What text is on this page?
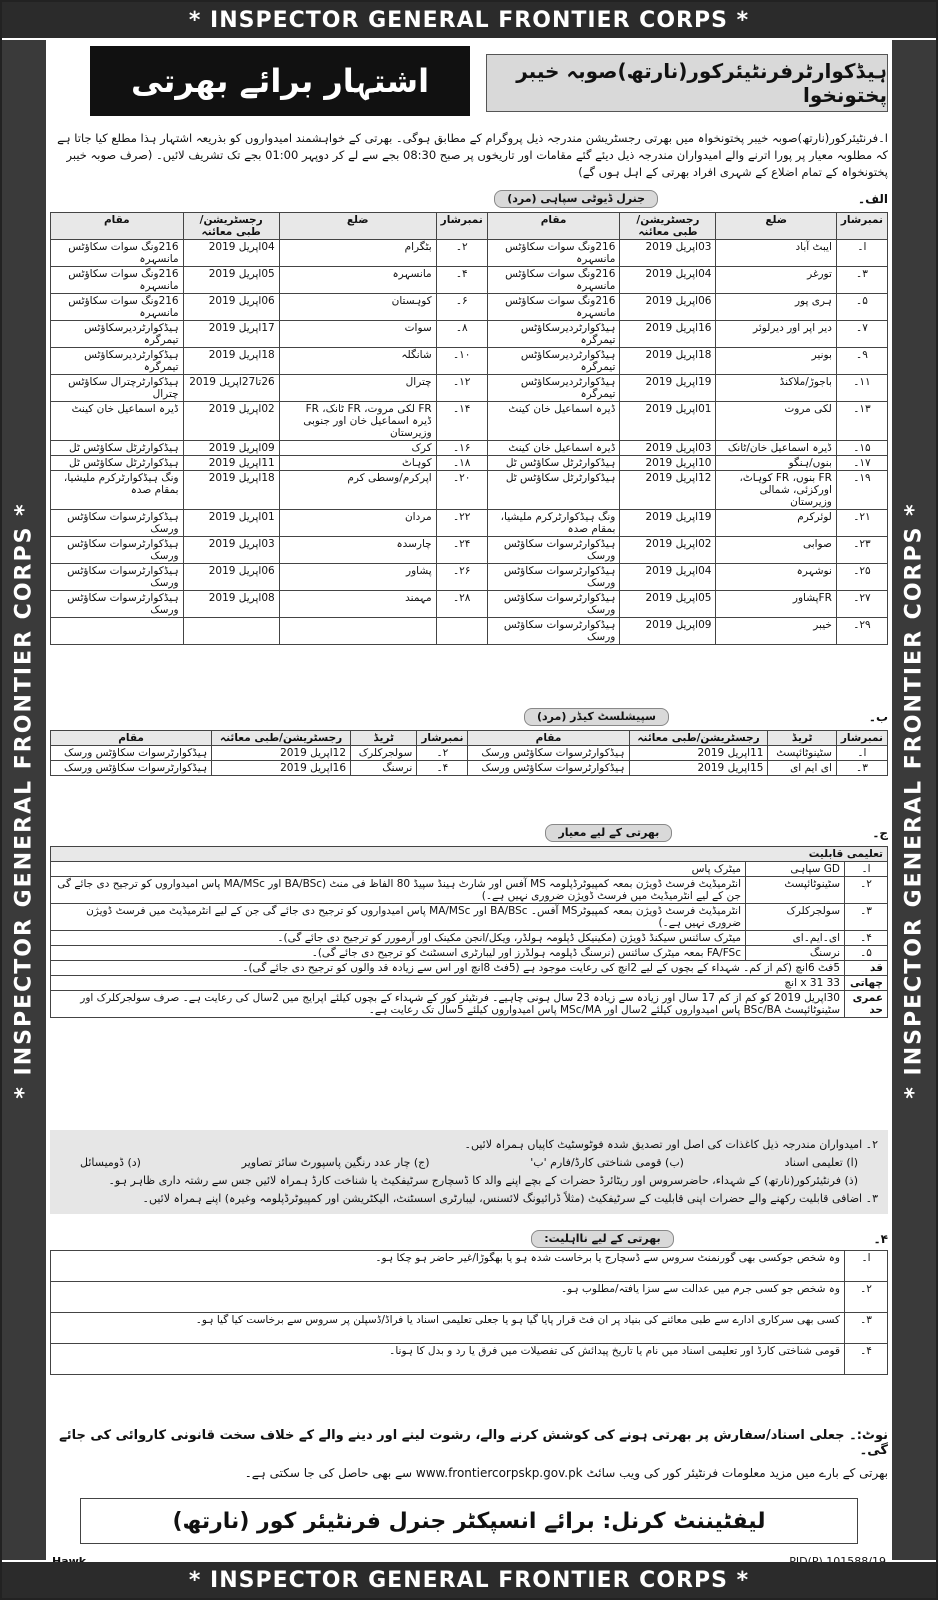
* INSPECTOR GENERAL FRONTIER CORPS *
* INSPECTOR GENERAL FRONTIER CORPS *	* INSPECTOR GENERAL FRONTIER CORPS *
ہیڈکوارٹرفرنٹیئرکور(نارتھ)صوبہ خیبر پختونخوا
اشتہار برائے بھرتی
ا۔فرنٹیئرکور(نارتھ)صوبہ خیبر پختونخواہ میں بھرتی رجسٹریشن مندرجہ ذیل پروگرام کے مطابق ہوگی۔ بھرتی کے خواہشمند امیدواروں کو بذریعہ اشتہار ہذا مطلع کیا جاتا ہے کہ مطلوبہ معیار پر پورا اترنے والے امیدواران مندرجہ ذیل دیئے گئے مقامات اور تاریخوں پر صبح 08:30 بجے سے لے کر دوپہر 01:00 بجے تک تشریف لائیں۔ (صرف صوبہ خیبر پختونخواہ کے تمام اضلاع کے شہری افراد بھرتی کے اہل ہوں گے)
الف۔
جنرل ڈیوٹی سپاہی (مرد)
نمبرشار	ضلع	رجسٹریشن/طبی معائنہ	مقام	نمبرشار	ضلع	رجسٹریشن/طبی معائنہ	مقام
ا۔	ایبٹ آباد	03اپریل 2019	216ونگ سوات سکاؤٹس مانسہرہ	۲۔	بٹگرام	04اپریل 2019	216ونگ سوات سکاؤٹس مانسہرہ
۳۔	تورغر	04اپریل 2019	216ونگ سوات سکاؤٹس مانسہرہ	۴۔	مانسہرہ	05اپریل 2019	216ونگ سوات سکاؤٹس مانسہرہ
۵۔	ہری پور	06اپریل 2019	216ونگ سوات سکاؤٹس مانسہرہ	۶۔	کوہستان	06اپریل 2019	216ونگ سوات سکاؤٹس مانسہرہ
۷۔	دیر اپر اور دیرلوئر	16اپریل 2019	ہیڈکوارٹردیرسکاؤٹس تیمرگرہ	۸۔	سوات	17اپریل 2019	ہیڈکوارٹردیرسکاؤٹس تیمرگرہ
۹۔	بونیر	18اپریل 2019	ہیڈکوارٹردیرسکاؤٹس تیمرگرہ	۱۰۔	شانگلہ	18اپریل 2019	ہیڈکوارٹردیرسکاؤٹس تیمرگرہ
۱۱۔	باجوڑ/ملاکنڈ	19اپریل 2019	ہیڈکوارٹردیرسکاؤٹس تیمرگرہ	۱۲۔	چترال	26تا27اپریل 2019	ہیڈکوارٹرچترال سکاؤٹس چترال
۱۳۔	لکی مروت	01اپریل 2019	ڈیرہ اسماعیل خان کینٹ	۱۴۔	FR لکی مروت، FR ٹانک، FR ڈیرہ اسماعیل خان اور جنوبی وزیرستان	02اپریل 2019	ڈیرہ اسماعیل خان کینٹ
۱۵۔	ڈیرہ اسماعیل خان/ٹانک	03اپریل 2019	ڈیرہ اسماعیل خان کینٹ	۱۶۔	کرک	09اپریل 2019	ہیڈکوارٹرٹل سکاؤٹس ٹل
۱۷۔	بنوں/ہنگو	10اپریل 2019	ہیڈکوارٹرٹل سکاؤٹس ٹل	۱۸۔	کوہاٹ	11اپریل 2019	ہیڈکوارٹرٹل سکاؤٹس ٹل
۱۹۔	FR بنوں، FR کوہاٹ، اورکزئی، شمالی وزیرستان	12اپریل 2019	ہیڈکوارٹرٹل سکاؤٹس ٹل	۲۰۔	اپرکرم/وسطی کرم	18اپریل 2019	ونگ ہیڈکوارٹرکرم ملیشیا، بمقام صدہ
۲۱۔	لوئرکرم	19اپریل 2019	ونگ ہیڈکوارٹرکرم ملیشیا، بمقام صدہ	۲۲۔	مردان	01اپریل 2019	ہیڈکوارٹرسوات سکاؤٹس ورسک
۲۳۔	صوابی	02اپریل 2019	ہیڈکوارٹرسوات سکاؤٹس ورسک	۲۴۔	چارسدہ	03اپریل 2019	ہیڈکوارٹرسوات سکاؤٹس ورسک
۲۵۔	نوشہرہ	04اپریل 2019	ہیڈکوارٹرسوات سکاؤٹس ورسک	۲۶۔	پشاور	06اپریل 2019	ہیڈکوارٹرسوات سکاؤٹس ورسک
۲۷۔	FRپشاور	05اپریل 2019	ہیڈکوارٹرسوات سکاؤٹس ورسک	۲۸۔	مہمند	08اپریل 2019	ہیڈکوارٹرسوات سکاؤٹس ورسک
۲۹۔	خیبر	09اپریل 2019	ہیڈکوارٹرسوات سکاؤٹس ورسک				
ب۔
سپیشلسٹ کیڈر (مرد)
نمبرشار	ٹریڈ	رجسٹریشن/طبی معائنہ	مقام	نمبرشار	ٹریڈ	رجسٹریشن/طبی معائنہ	مقام
ا۔	سٹینوٹائپسٹ	11اپریل 2019	ہیڈکوارٹرسوات سکاؤٹس ورسک	۲۔	سولجرکلرک	12اپریل 2019	ہیڈکوارٹرسوات سکاؤٹس ورسک
۳۔	ای ایم ای	15اپریل 2019	ہیڈکوارٹرسوات سکاؤٹس ورسک	۴۔	نرسنگ	16اپریل 2019	ہیڈکوارٹرسوات سکاؤٹس ورسک
ج۔
بھرتی کے لیے معیار
تعلیمی قابلیت		
ا۔	GD سپاہی	میٹرک پاس
۲۔	سٹینوٹائپسٹ	انٹرمیڈیٹ فرسٹ ڈویژن بمعہ کمپیوٹرڈپلومہ MS آفس اور شارٹ ہینڈ سپیڈ 80 الفاظ فی منٹ (BA/BSc اور MA/MSc پاس امیدواروں کو ترجیح دی جائے گی جن کے لیے انٹرمیڈیٹ میں فرسٹ ڈویژن ضروری نہیں ہے۔)
۳۔	سولجرکلرک	انٹرمیڈیٹ فرسٹ ڈویژن بمعہ کمپیوٹرMS آفس۔ BA/BSc اور MA/MSc پاس امیدواروں کو ترجیح دی جائے گی جن کے لیے انٹرمیڈیٹ میں فرسٹ ڈویژن ضروری نہیں ہے۔)
۴۔	ای۔ایم۔ای	میٹرک سائنس سیکنڈ ڈویژن (مکینیکل ڈپلومہ ہولڈر، ویکل/انجن مکینک اور آرمورر کو ترجیح دی جائے گی)۔
۵۔	نرسنگ	FA/FSc بمعہ میٹرک سائنس (نرسنگ ڈپلومہ ہولڈرز اور لیبارٹری اسسٹنٹ کو ترجیح دی جائے گی)۔
قد	5فٹ 6انچ (کم از کم۔ شہداء کے بچوں کے لیے 2انچ کی رعایت موجود ہے (5فٹ 8انچ اور اس سے زیادہ قد والوں کو ترجیح دی جائے گی)۔	
چھاتی	33 x 31 انچ	
عمری حد	30اپریل 2019 کو کم از کم 17 سال اور زیادہ سے زیادہ 23 سال ہونی چاہیے۔ فرنٹیئر کور کے شہداء کے بچوں کیلئے اپرایج میں 2سال کی رعایت ہے۔ صرف سولجرکلرک اور سٹینوٹائپسٹ BSc/BA پاس امیدواروں کیلئے 2سال اور MSc/MA پاس امیدواروں کیلئے 5سال تک رعایت ہے۔	
۲۔ امیدواران مندرجہ ذیل کاغذات کی اصل اور تصدیق شدہ فوٹوسٹیٹ کاپیاں ہمراہ لائیں۔
(ا) تعلیمی اسناد
(ب) قومی شناختی کارڈ/فارم 'ب'
(ج) چار عدد رنگین پاسپورٹ سائز تصاویر
(د) ڈومیسائل
(ذ) فرنٹیئرکور(نارتھ) کے شہداء، حاضرسروس اور ریٹائرڈ حضرات کے بچے اپنے والد کا ڈسچارج سرٹیفکیٹ یا شناخت کارڈ ہمراہ لائیں جس سے رشتہ داری ظاہر ہو۔
۳۔ اضافی قابلیت رکھنے والے حضرات اپنی قابلیت کے سرٹیفکیٹ (مثلاً ڈرائیونگ لائسنس، لیبارٹری اسسٹنٹ، الیکٹریشن اور کمپیوٹرڈپلومہ وغیرہ) اپنے ہمراہ لائیں۔
۴۔
بھرتی کے لیے نااہلیت:
ا۔	وہ شخص جوکسی بھی گورنمنٹ سروس سے ڈسچارج یا برخاست شدہ ہو یا بھگوڑا/غیر حاضر ہو چکا ہو۔
۲۔	وہ شخص جو کسی جرم میں عدالت سے سزا یافتہ/مطلوب ہو۔
۳۔	کسی بھی سرکاری ادارے سے طبی معائنے کی بنیاد پر ان فٹ قرار پایا گیا ہو یا جعلی تعلیمی اسناد یا فراڈ/ڈسپلن پر سروس سے برخاست کیا گیا ہو۔
۴۔	قومی شناختی کارڈ اور تعلیمی اسناد میں نام یا تاریخ پیدائش کی تفصیلات میں فرق یا رد و بدل کا ہونا۔
نوٹ:۔ جعلی اسناد/سفارش پر بھرتی ہونے کی کوشش کرنے والے، رشوت لینے اور دینے والے کے خلاف سخت قانونی کاروائی کی جائے گی۔
بھرتی کے بارے میں مزید معلومات فرنٹیئر کور کی ویب سائٹ www.frontiercorpskp.gov.pk سے بھی حاصل کی جا سکتی ہے۔
لیفٹیننٹ کرنل: برائے انسپکٹر جنرل فرنٹیئر کور (نارتھ)
* INSPECTOR GENERAL FRONTIER CORPS *
